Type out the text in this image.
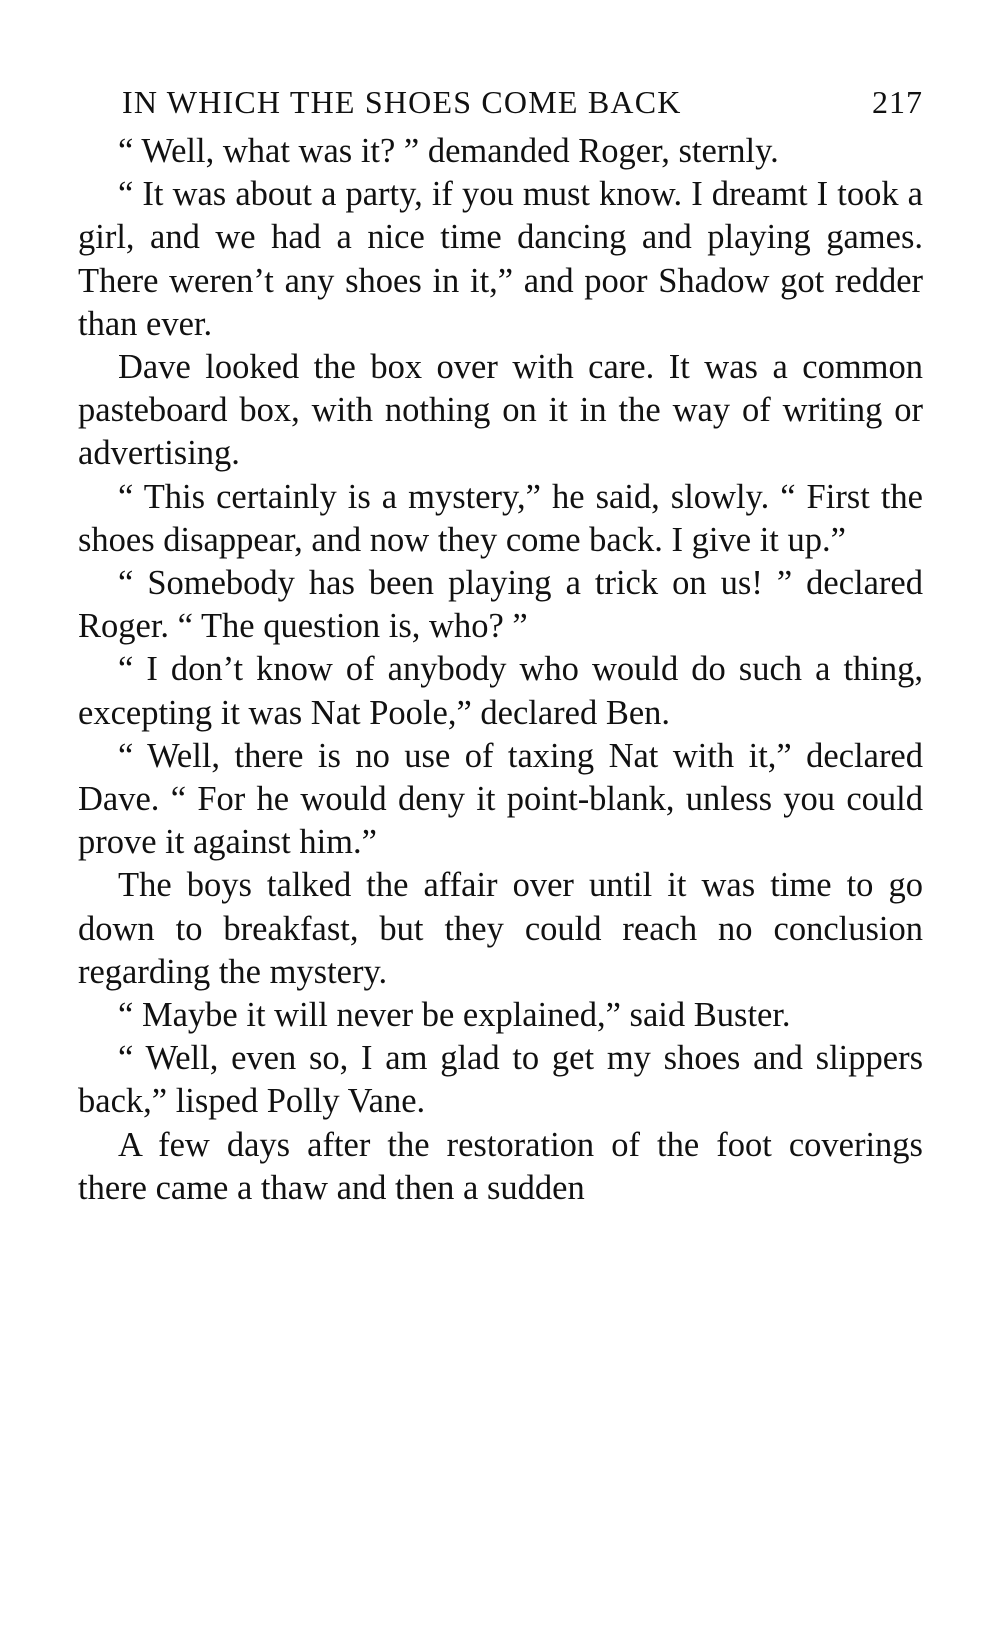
IN WHICH THE SHOES COME BACK	217

“ Well, what was it? ” demanded Roger, sternly.

“ It was about a party, if you must know. I dreamt I took a girl, and we had a nice time dancing and playing games. There weren’t any shoes in it,” and poor Shadow got redder than ever.

Dave looked the box over with care. It was a common pasteboard box, with nothing on it in the way of writing or advertising.

“ This certainly is a mystery,” he said, slowly. “ First the shoes disappear, and now they come back. I give it up.”

“ Somebody has been playing a trick on us! ” declared Roger. “ The question is, who? ”

“ I don’t know of anybody who would do such a thing, excepting it was Nat Poole,” declared Ben.

“ Well, there is no use of taxing Nat with it,” declared Dave. “ For he would deny it point-blank, unless you could prove it against him.”

The boys talked the affair over until it was time to go down to breakfast, but they could reach no conclusion regarding the mystery.

“ Maybe it will never be explained,” said Buster.

“ Well, even so, I am glad to get my shoes and slippers back,” lisped Polly Vane.

A few days after the restoration of the foot coverings there came a thaw and then a sudden
